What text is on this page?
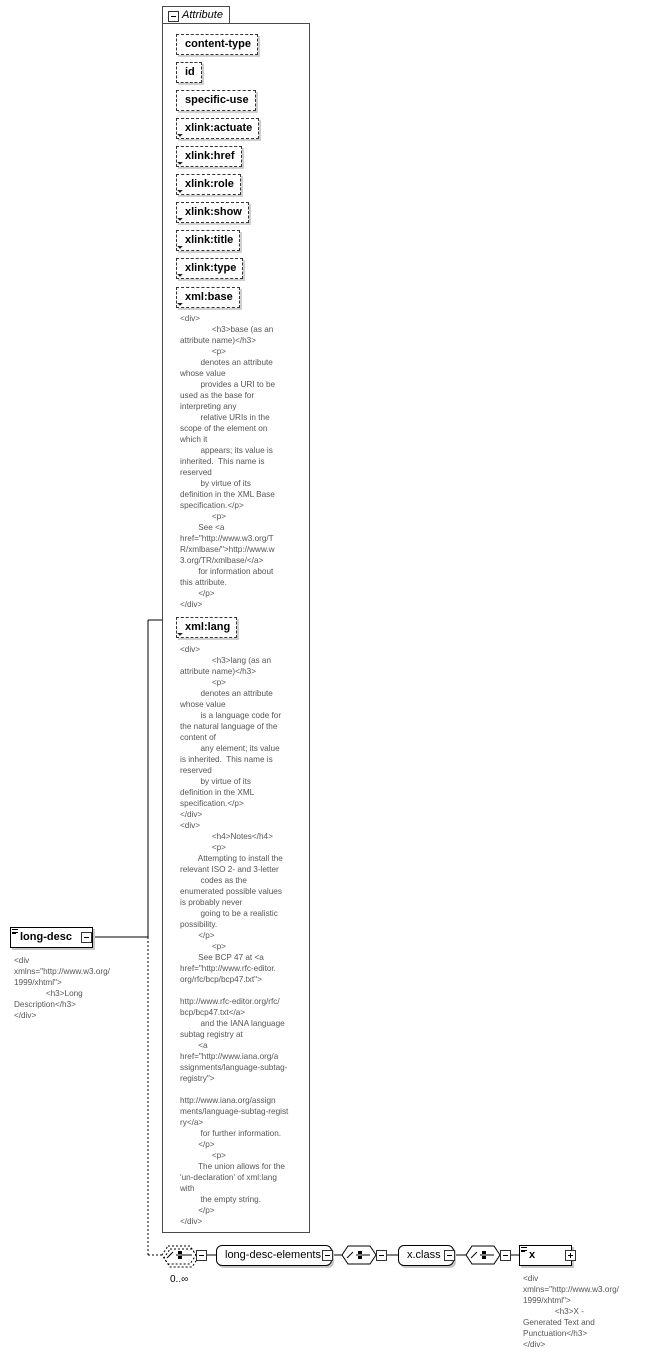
Attribute
content-type
id
specific-use
xlink:actuate
xlink:href
xlink:role
xlink:show
xlink:title
xlink:type
xml:base
<div>
<h3>base (as an
attribute name)</h3>
<p>
denotes an attribute
whose value
provides a URI to be
used as the base for
interpreting any
relative URIs in the
scope of the element on
which it
appears; its value is
inherited.  This name is
reserved
by virtue of its
definition in the XML Base
specification.</p>
<p>
See <a
href="http://www.w3.org/T
R/xmlbase/">http://www.w
3.org/TR/xmlbase/</a>
for information about
this attribute.
</p>
</div>
xml:lang
<div>
<h3>lang (as an
attribute name)</h3>
<p>
denotes an attribute
whose value
is a language code for
the natural language of the
content of
any element; its value
is inherited.  This name is
reserved
by virtue of its
definition in the XML
specification.</p>
</div>
<div>
<h4>Notes</h4>
<p>
Attempting to install the
relevant ISO 2- and 3-letter
codes as the
enumerated possible values
is probably never
going to be a realistic
possibility.
</p>
<p>
See BCP 47 at <a
href="http://www.rfc-editor.
org/rfc/bcp/bcp47.txt">

http://www.rfc-editor.org/rfc/
bcp/bcp47.txt</a>
and the IANA language
subtag registry at
<a
href="http://www.iana.org/a
ssignments/language-subtag-
registry">

http://www.iana.org/assign
ments/language-subtag-regist
ry</a>
for further information.
</p>
<p>
The union allows for the
'un-declaration' of xml:lang
with
the empty string.
</p>
</div>
long-desc
<div
xmlns="http://www.w3.org/
1999/xhtml">
<h3>Long
Description</h3>
</div>
0..∞
long-desc-elements	x.class	x
<div
xmlns="http://www.w3.org/
1999/xhtml">
<h3>X -
Generated Text and
Punctuation</h3>
</div>
